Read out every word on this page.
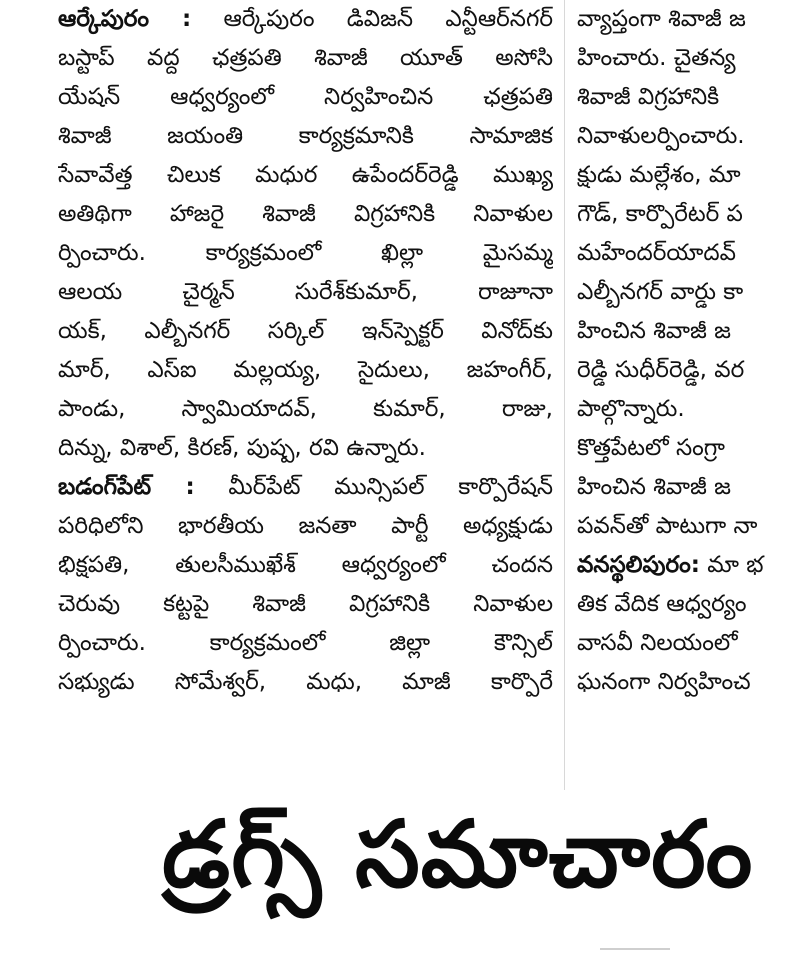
ఆర్కేపురం : ఆర్కేపురం డివిజన్ ఎన్టీఆర్‌నగర్
బస్టాప్ వద్ద ఛత్రపతి శివాజీ యూత్ అసోసి
యేషన్ ఆధ్వర్యంలో నిర్వహించిన ఛత్రపతి
శివాజీ జయంతి కార్యక్రమానికి సామాజిక
సేవావేత్త చిలుక మధుర ఉపేందర్‌రెడ్డి ముఖ్య
అతిథిగా హాజరై శివాజీ విగ్రహానికి నివాళుల
ర్పించారు. కార్యక్రమంలో ఖిల్లా మైసమ్మ
ఆలయ చైర్మన్ సురేశ్‌కుమార్, రాజూనా
యక్, ఎల్బీనగర్ సర్కిల్ ఇన్‌స్పెక్టర్ వినోద్‌కు
మార్, ఎస్‌ఐ మల్లయ్య, సైదులు, జహంగీర్,
పాండు, స్వామియాదవ్, కుమార్, రాజు,
దిన్ను, విశాల్, కిరణ్, పుష్ప, రవి ఉన్నారు.
బడంగ్‌పేట్ : మీర్‌పేట్ మున్సిపల్ కార్పొరేషన్
పరిధిలోని భారతీయ జనతా పార్టీ అధ్యక్షుడు
భిక్షపతి, తులసీముఖేశ్ ఆధ్వర్యంలో చందన
చెరువు కట్టపై శివాజీ విగ్రహానికి నివాళుల
ర్పించారు. కార్యక్రమంలో జిల్లా కౌన్సిల్
సభ్యుడు సోమేశ్వర్, మధు, మాజీ కార్పొరే
వ్యాప్తంగా శివాజీ జ
హించారు. చైతన్య
శివాజీ విగ్రహానికి
నివాళులర్పించారు.
క్షుడు మల్లేశం, మా
గౌడ్, కార్పొరేటర్ ప
మహేందర్‌యాదవ్
ఎల్బీనగర్ వార్డు కా
హించిన శివాజీ జ
రెడ్డి సుధీర్‌రెడ్డి, వర
పాల్గొన్నారు.
కొత్తపేటలో సంగ్రా
హించిన శివాజీ జ
పవన్‌తో పాటుగా నా
వనస్థలిపురం: మా భ
తిక వేదిక ఆధ్వర్యం
వాసవీ నిలయంలో
ఘనంగా నిర్వహించ
డ్రగ్స్ సమాచారం
